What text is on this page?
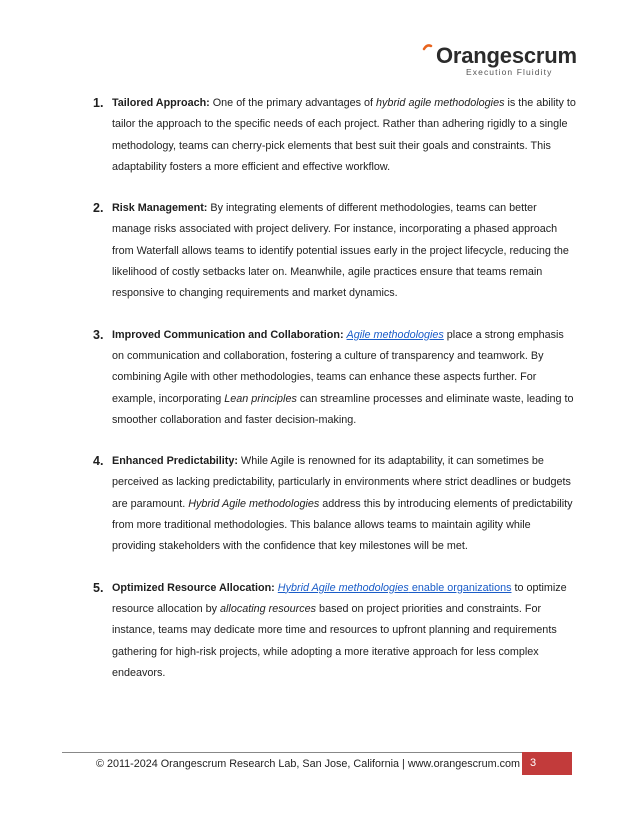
Orangescrum
Execution Fluidity
1. Tailored Approach: One of the primary advantages of hybrid agile methodologies is the ability to tailor the approach to the specific needs of each project. Rather than adhering rigidly to a single methodology, teams can cherry-pick elements that best suit their goals and constraints. This adaptability fosters a more efficient and effective workflow.

2. Risk Management: By integrating elements of different methodologies, teams can better manage risks associated with project delivery. For instance, incorporating a phased approach from Waterfall allows teams to identify potential issues early in the project lifecycle, reducing the likelihood of costly setbacks later on. Meanwhile, agile practices ensure that teams remain responsive to changing requirements and market dynamics.

3. Improved Communication and Collaboration: Agile methodologies place a strong emphasis on communication and collaboration, fostering a culture of transparency and teamwork. By combining Agile with other methodologies, teams can enhance these aspects further. For example, incorporating Lean principles can streamline processes and eliminate waste, leading to smoother collaboration and faster decision-making.

4. Enhanced Predictability: While Agile is renowned for its adaptability, it can sometimes be perceived as lacking predictability, particularly in environments where strict deadlines or budgets are paramount. Hybrid Agile methodologies address this by introducing elements of predictability from more traditional methodologies. This balance allows teams to maintain agility while providing stakeholders with the confidence that key milestones will be met.

5. Optimized Resource Allocation: Hybrid Agile methodologies enable organizations to optimize resource allocation by allocating resources based on project priorities and constraints. For instance, teams may dedicate more time and resources to upfront planning and requirements gathering for high-risk projects, while adopting a more iterative approach for less complex endeavors.

© 2011-2024 Orangescrum Research Lab, San Jose, California | www.orangescrum.com 3
